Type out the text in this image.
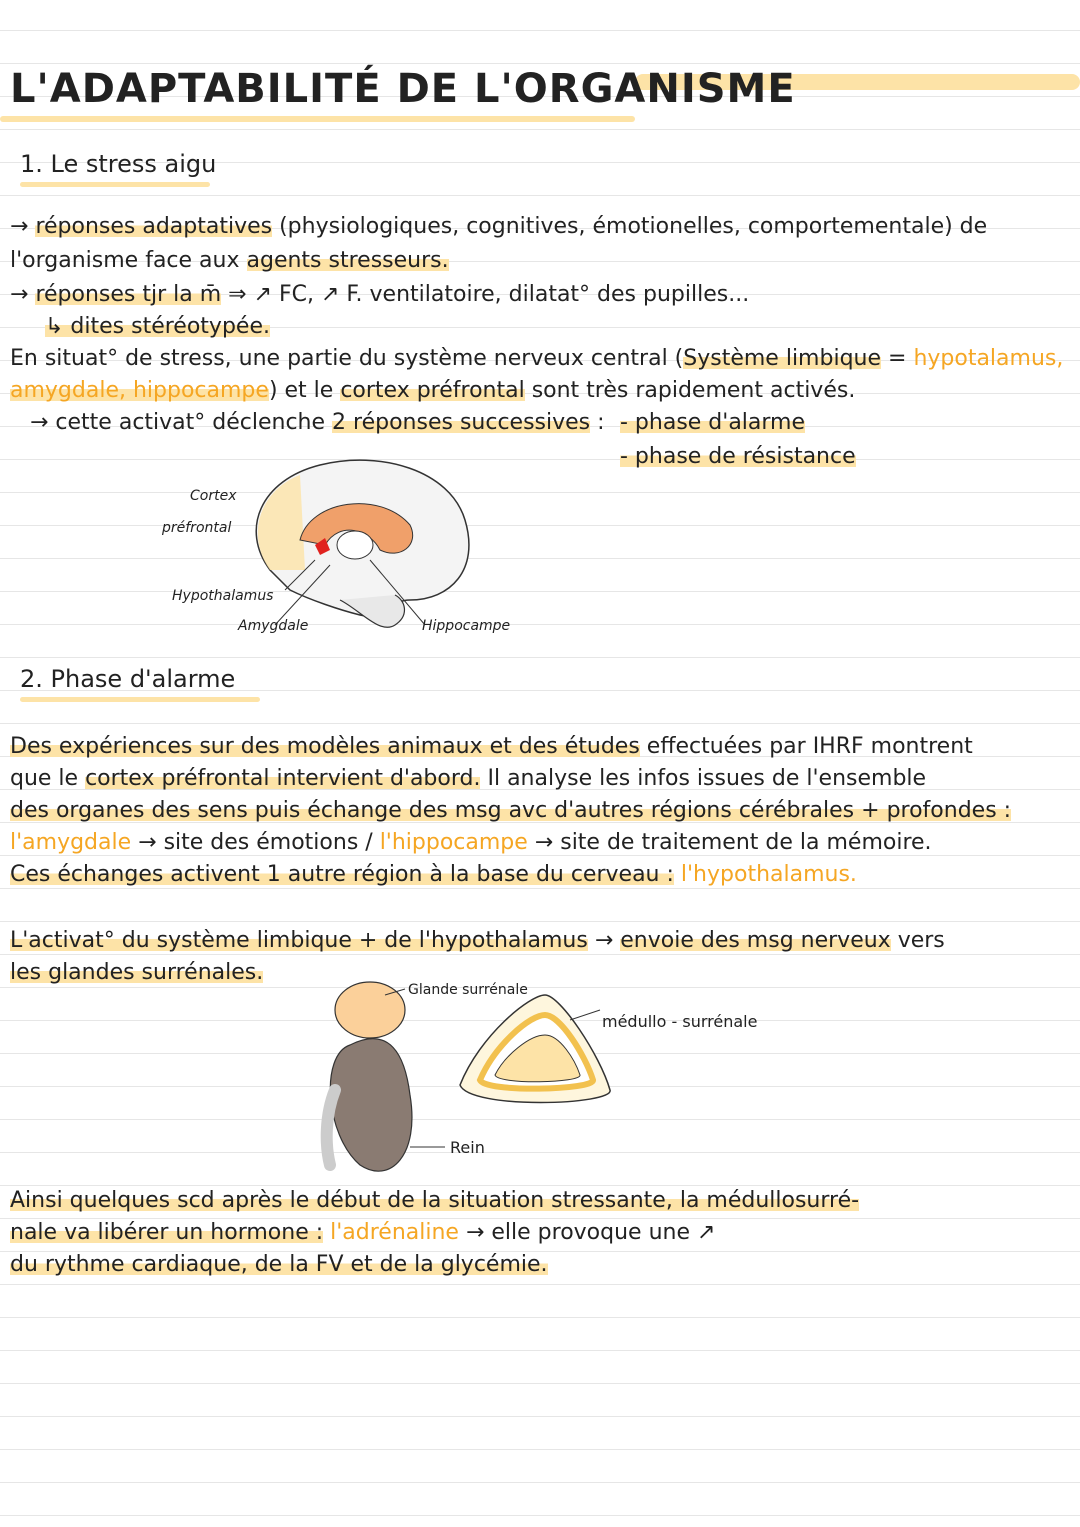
L'ADAPTABILITÉ DE L'ORGANISME
1. Le stress aigu
→ réponses adaptatives (physiologiques, cognitives, émotionelles, comportementale) de
l'organisme face aux agents stresseurs.
→ réponses tjr la m̄ ⇒ ↗ FC, ↗ F. ventilatoire, dilatat° des pupilles...
↳ dites stéréotypée.
En situat° de stress, une partie du système nerveux central (Système limbique = hypotalamus,
amygdale, hippocampe) et le cortex préfrontal sont très rapidement activés.
→ cette activat° déclenche 2 réponses successives : - phase d'alarme
- phase de résistance
Cortex
préfrontal
Hypothalamus
Amygdale	Hippocampe
2. Phase d'alarme
Des expériences sur des modèles animaux et des études effectuées par IHRF montrent
que le cortex préfrontal intervient d'abord. Il analyse les infos issues de l'ensemble
des organes des sens puis échange des msg avc d'autres régions cérébrales + profondes :
l'amygdale → site des émotions / l'hippocampe → site de traitement de la mémoire.
Ces échanges activent 1 autre région à la base du cerveau : l'hypothalamus.
L'activat° du système limbique + de l'hypothalamus → envoie des msg nerveux vers
les glandes surrénales.
Glande surrénale
médullo - surrénale
Rein
Ainsi quelques scd après le début de la situation stressante, la médullosurré-
nale va libérer un hormone : l'adrénaline → elle provoque une ↗
du rythme cardiaque, de la FV et de la glycémie.
